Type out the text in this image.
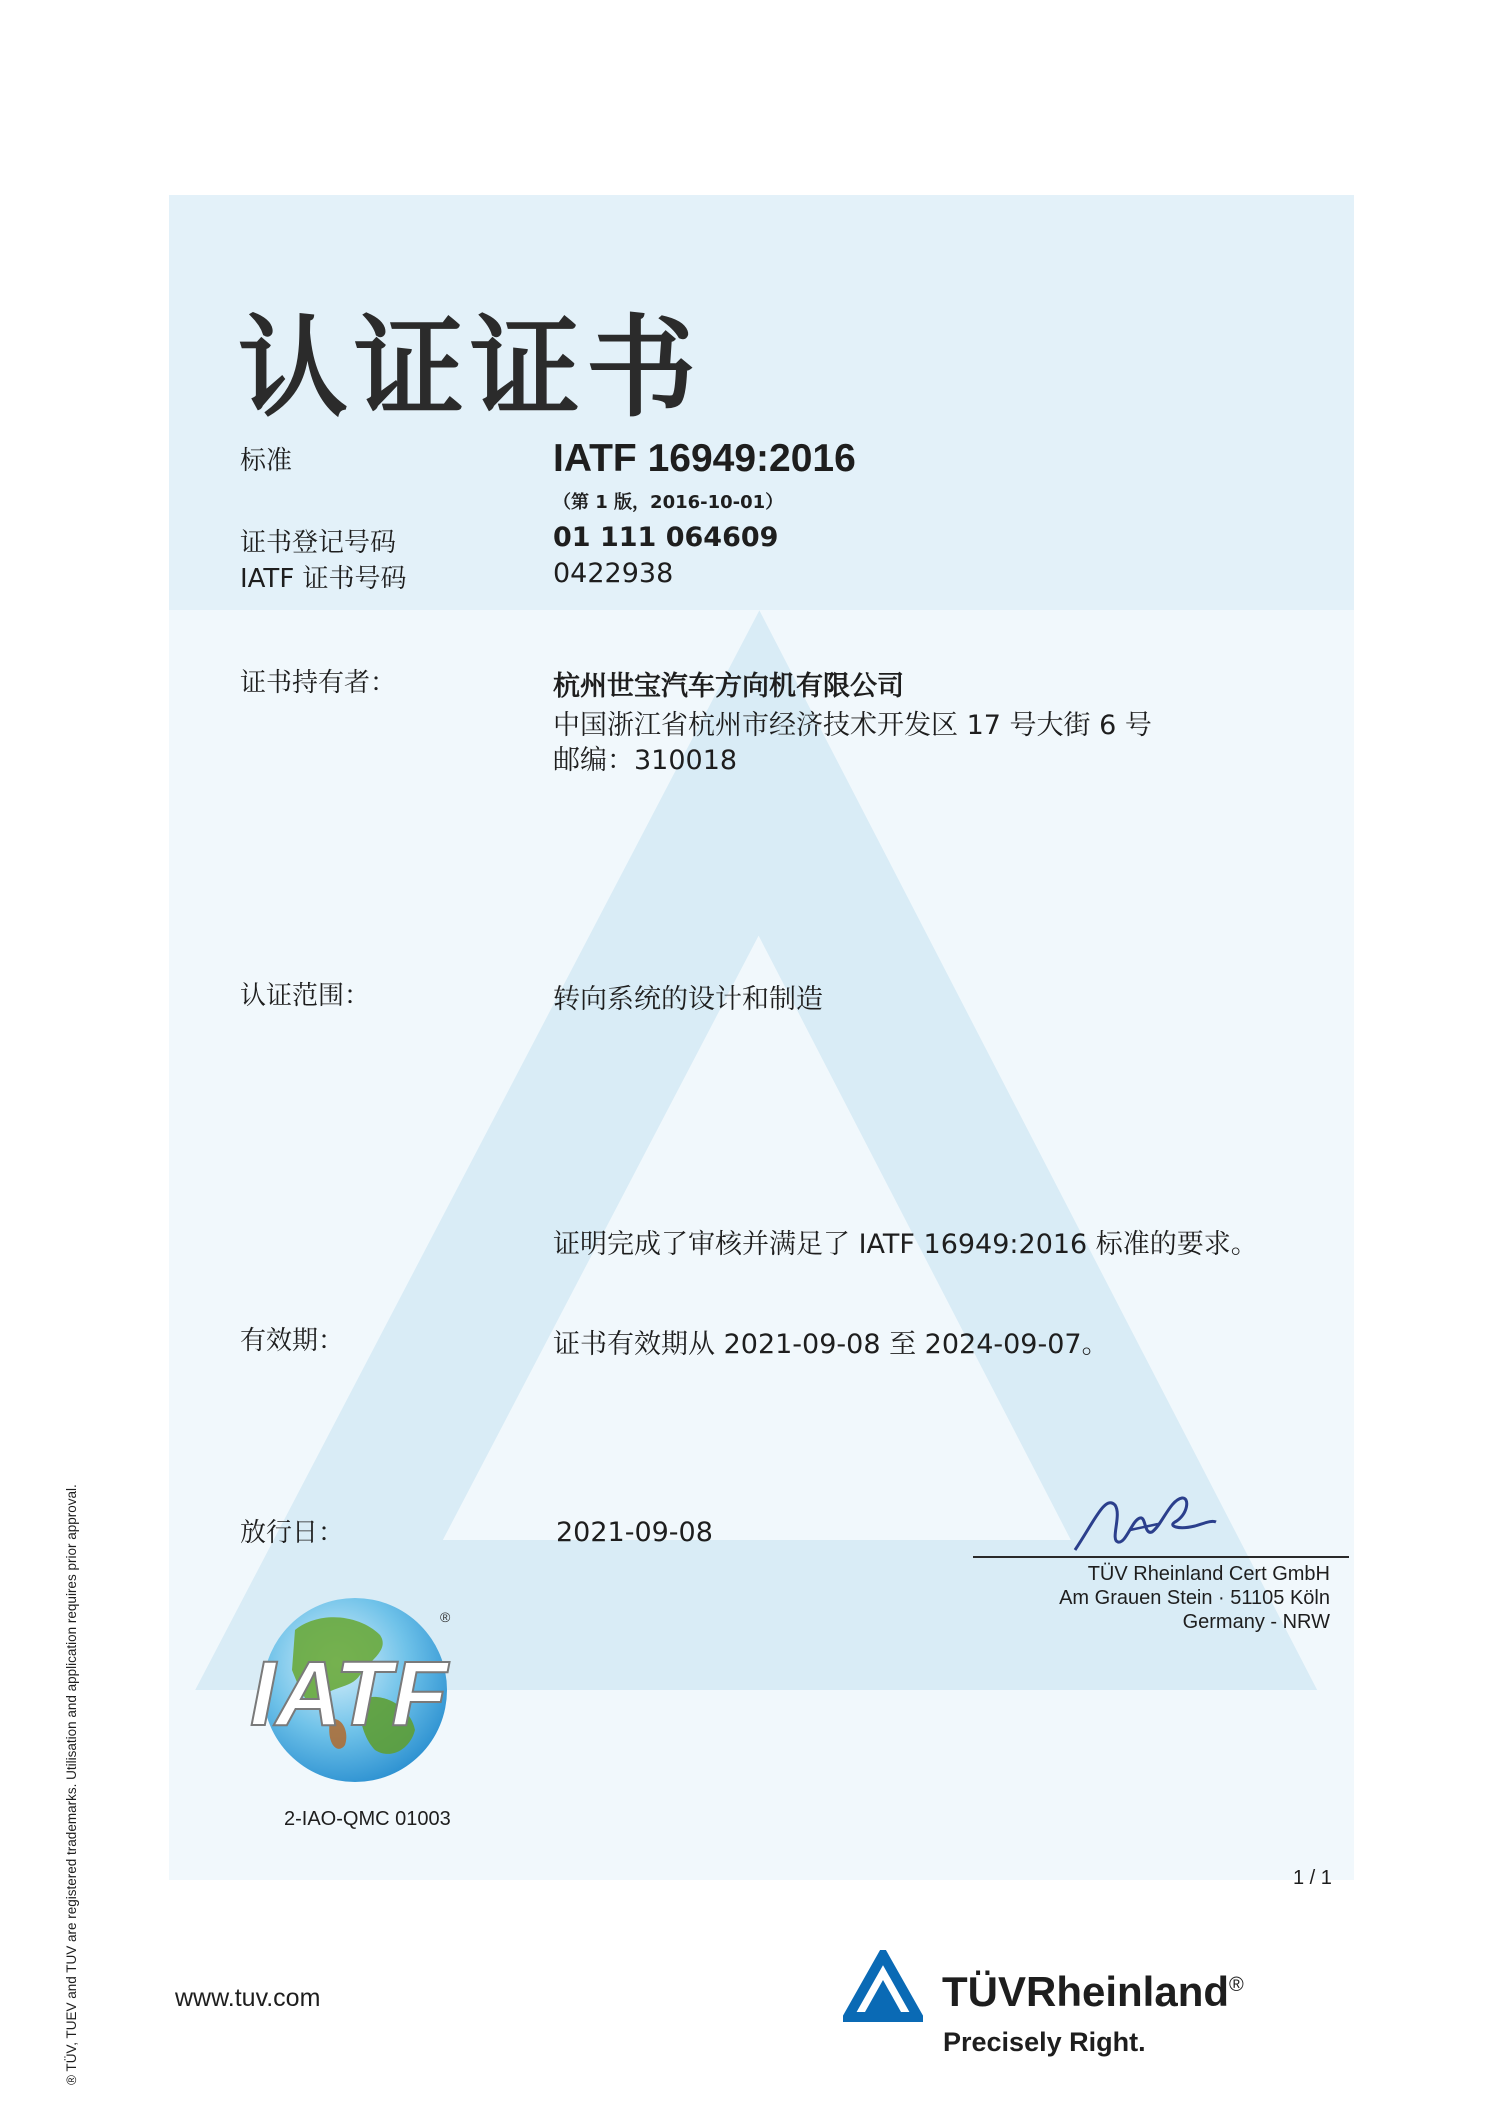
认证证书
标准	IATF 16949:2016
（第 1 版，2016-10-01）
证书登记号码	01 111 064609
IATF 证书号码	0422938
证书持有者：	杭州世宝汽车方向机有限公司
中国浙江省杭州市经济技术开发区 17 号大街 6 号
邮编：310018
认证范围：	转向系统的设计和制造
证明完成了审核并满足了 IATF 16949:2016 标准的要求。
有效期：	证书有效期从 2021-09-08 至 2024-09-07。
放行日：	2021-09-08
TÜV Rheinland Cert GmbH
Am Grauen Stein · 51105 Köln
Germany - NRW
IATF
®
2-IAO-QMC 01003
1 / 1
www.tuv.com	TÜVRheinland®
Precisely Right.
® TÜV, TUEV and TUV are registered trademarks. Utilisation and application requires prior approval.
